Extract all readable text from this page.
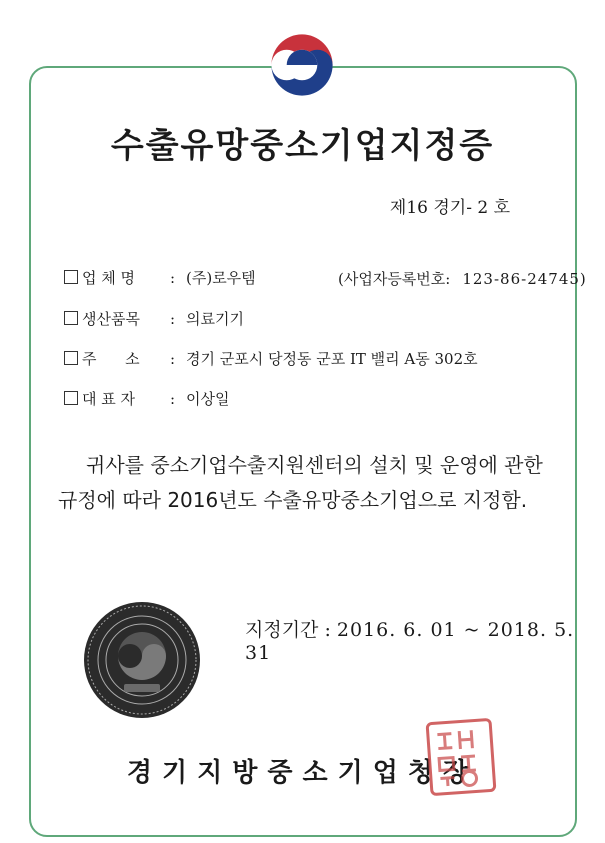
수출유망중소기업지정증
제16 경기- 2 호
업 체 명 : (주)로우템	(사업자등록번호: 123-86-24745)
생산품목 : 의료기기
주      소 : 경기 군포시 당정동 군포 IT 밸리 A동 302호
대 표 자 : 이상일
귀사를 중소기업수출지원센터의 설치 및 운영에 관한
규정에 따라 2016년도 수출유망중소기업으로 지정함.
지정기간 : 2016. 6. 01 ~ 2018. 5. 31
경기지방중소기업청장
